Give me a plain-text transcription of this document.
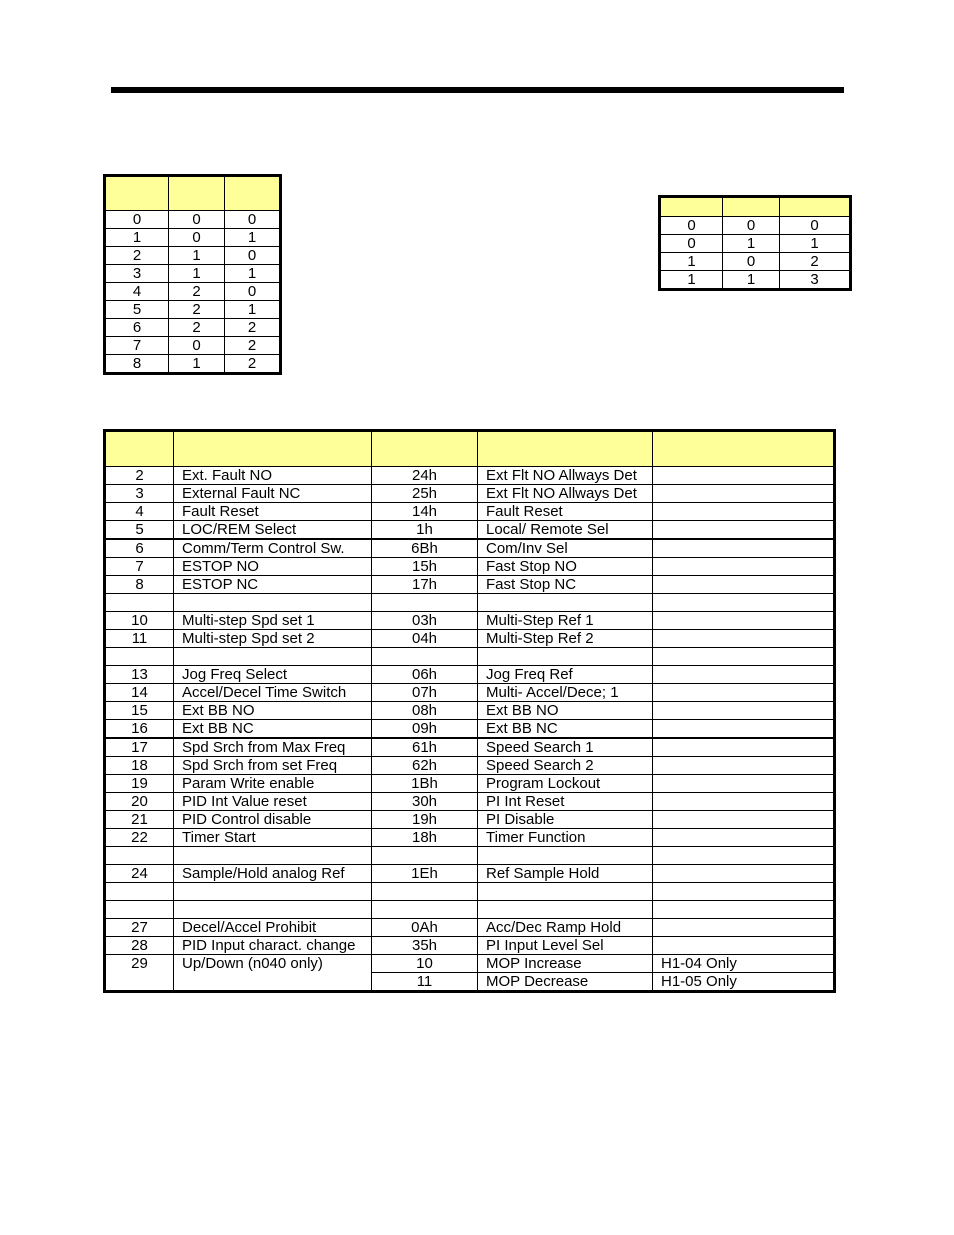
0	0	0
1	0	1
2	1	0
3	1	1
4	2	0
5	2	1
6	2	2
7	0	2
8	1	2

0	0	0
0	1	1
1	0	2
1	1	3

2	Ext. Fault NO	24h	Ext Flt NO Allways Det	
3	External Fault NC	25h	Ext Flt NO Allways Det	
4	Fault Reset	14h	Fault Reset	
5	LOC/REM Select	1h	Local/ Remote Sel	
6	Comm/Term Control Sw.	6Bh	Com/Inv Sel	
7	ESTOP NO	15h	Fast Stop NO	
8	ESTOP NC	17h	Fast Stop NC	

10	Multi-step Spd set 1	03h	Multi-Step Ref 1	
11	Multi-step Spd set 2	04h	Multi-Step Ref 2	

13	Jog Freq Select	06h	Jog Freq Ref	
14	Accel/Decel Time Switch	07h	Multi- Accel/Dece; 1	
15	Ext BB NO	08h	Ext BB NO	
16	Ext BB NC	09h	Ext BB NC	
17	Spd Srch from Max Freq	61h	Speed Search 1	
18	Spd Srch from set Freq	62h	Speed Search 2	
19	Param Write enable	1Bh	Program Lockout	
20	PID Int Value reset	30h	PI Int Reset	
21	PID Control disable	19h	PI Disable	
22	Timer Start	18h	Timer Function	

24	Sample/Hold analog Ref	1Eh	Ref Sample Hold	

27	Decel/Accel Prohibit	0Ah	Acc/Dec Ramp Hold	
28	PID Input charact. change	35h	PI Input Level Sel	
29	Up/Down (n040 only)	10	MOP Increase	H1-04 Only
		11	MOP Decrease	H1-05 Only
